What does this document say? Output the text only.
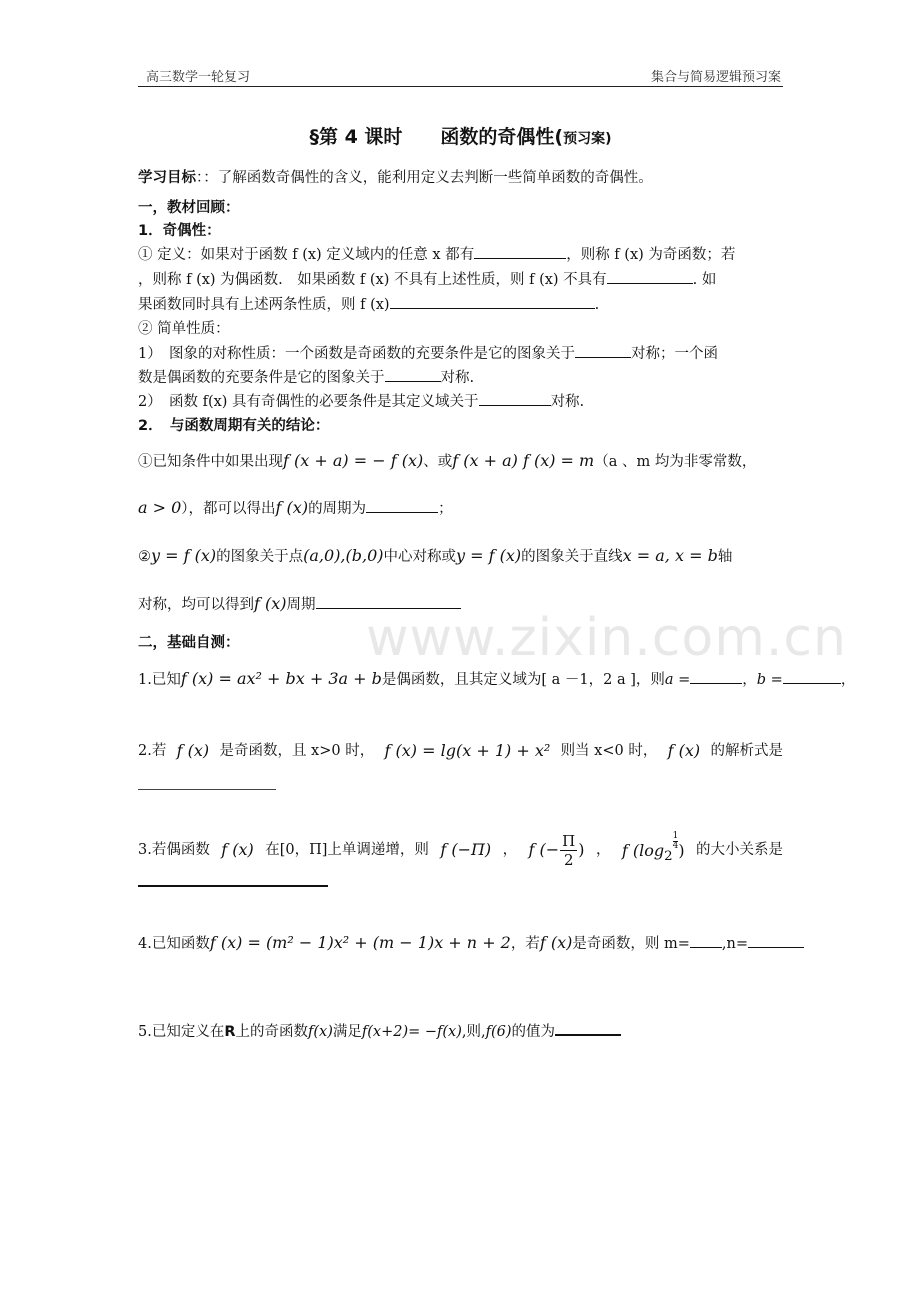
高三数学一轮复习	集合与简易逻辑预习案
§第 4 课时 函数的奇偶性(预习案)
学习目标：：了解函数奇偶性的含义，能利用定义去判断一些简单函数的奇偶性。
一，教材回顾：
1．奇偶性：
① 定义：如果对于函数 f (x) 定义域内的任意 x 都有	，则称 f (x) 为奇函数；若
，则称 f (x) 为偶函数.　如果函数 f (x) 不具有上述性质，则 f (x) 不具有	. 如
果函数同时具有上述两条性质，则 f (x)	.
② 简单性质：
1）　图象的对称性质：一个函数是奇函数的充要条件是它的图象关于	对称；一个函
数是偶函数的充要条件是它的图象关于	对称.
2）　函数 f(x) 具有奇偶性的必要条件是其定义域关于	对称.
2．　与函数周期有关的结论：
①已知条件中如果出现f (x + a) = − f (x)、或f (x + a) f (x) = m（a 、m 均为非零常数，
a > 0），都可以得出f (x)的周期为	；
②y = f (x)的图象关于点(a,0),(b,0)中心对称或y = f (x)的图象关于直线x = a, x = b轴
对称，均可以得到f (x)周期
www.zixin.com.cn
二，基础自测：
1.已知f (x) = ax² + bx + 3a + b是偶函数，且其定义域为[ a －1，2 a ]，则a =	，b =	，
2.若 f (x) 是奇函数，且 x>0 时， f (x) = lg(x + 1) + x² 则当 x<0 时， f (x) 的解析式是
3.若偶函数 f (x) 在[0，Π]上单调递增，则 f (−Π) ， f (− $\frac{\Pi}{2}$ ) ， f ($\log_2$
$\frac{1}{4}$ ) 的大小关系是
4.已知函数f (x) = (m² − 1)x² + (m − 1)x + n + 2，若f (x)是奇函数，则 m= ,n=
5.已知定义在R上的奇函数f(x)满足f(x+2)= −f(x),则,f(6)的值为
